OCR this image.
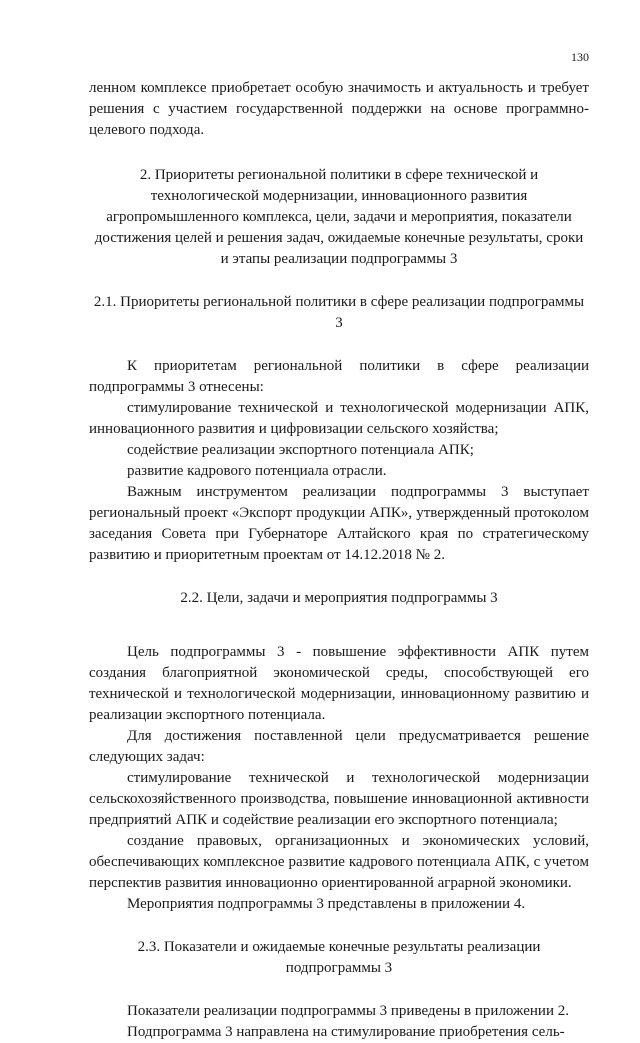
130

ленном комплексе приобретает особую значимость и актуальность и требует решения с участием государственной поддержки на основе программно-целевого подхода.

2. Приоритеты региональной политики в сфере технической и технологической модернизации, инновационного развития агропромышленного комплекса, цели, задачи и мероприятия, показатели достижения целей и решения задач, ожидаемые конечные результаты, сроки и этапы реализации подпрограммы 3

2.1. Приоритеты региональной политики в сфере реализации подпрограммы 3

К приоритетам региональной политики в сфере реализации подпрограммы 3 отнесены:

стимулирование технической и технологической модернизации АПК, инновационного развития и цифровизации сельского хозяйства;

содействие реализации экспортного потенциала АПК;

развитие кадрового потенциала отрасли.

Важным инструментом реализации подпрограммы 3 выступает региональный проект «Экспорт продукции АПК», утвержденный протоколом заседания Совета при Губернаторе Алтайского края по стратегическому развитию и приоритетным проектам от 14.12.2018 № 2.

2.2. Цели, задачи и мероприятия подпрограммы 3

Цель подпрограммы 3 - повышение эффективности АПК путем создания благоприятной экономической среды, способствующей его технической и технологической модернизации, инновационному развитию и реализации экспортного потенциала.

Для достижения поставленной цели предусматривается решение следующих задач:

стимулирование технической и технологической модернизации сельскохозяйственного производства, повышение инновационной активности предприятий АПК и содействие реализации его экспортного потенциала;

создание правовых, организационных и экономических условий, обеспечивающих комплексное развитие кадрового потенциала АПК, с учетом перспектив развития инновационно ориентированной аграрной экономики.

Мероприятия подпрограммы 3 представлены в приложении 4.

2.3. Показатели и ожидаемые конечные результаты реализации подпрограммы 3

Показатели реализации подпрограммы 3 приведены в приложении 2.

Подпрограмма 3 направлена на стимулирование приобретения сель-
